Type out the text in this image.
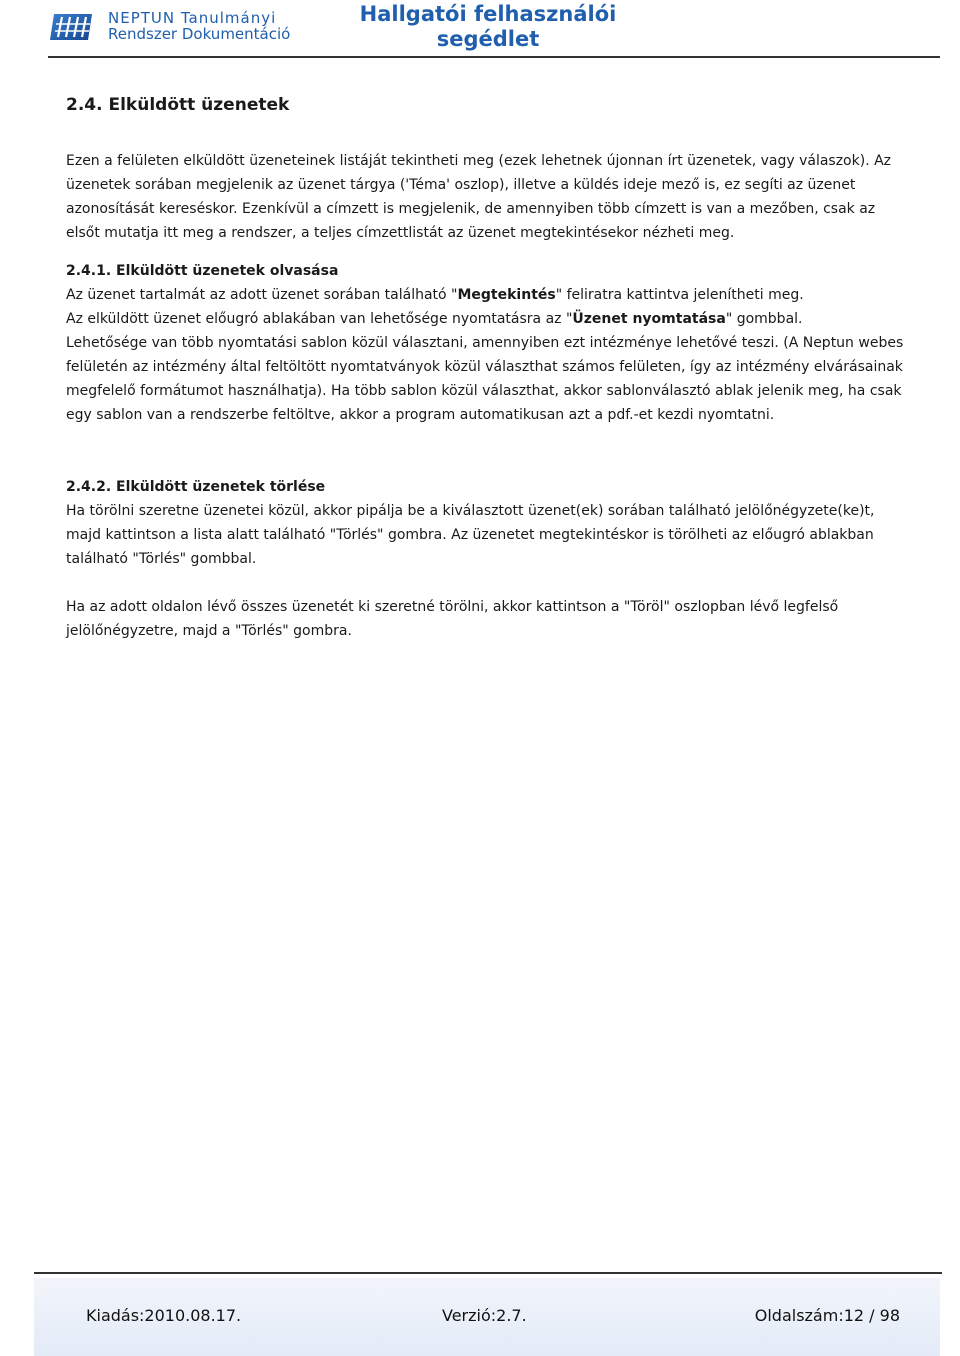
NEPTUN Tanulmányi
Rendszer Dokumentáció
Hallgatói felhasználói segédlet
2.4. Elküldött üzenetek

Ezen a felületen elküldött üzeneteinek listáját tekintheti meg (ezek lehetnek újonnan írt üzenetek, vagy válaszok). Az üzenetek sorában megjelenik az üzenet tárgya ('Téma' oszlop), illetve a küldés ideje mező is, ez segíti az üzenet azonosítását kereséskor. Ezenkívül a címzett is megjelenik, de amennyiben több címzett is van a mezőben, csak az elsőt mutatja itt meg a rendszer, a teljes címzettlistát az üzenet megtekintésekor nézheti meg.

2.4.1. Elküldött üzenetek olvasása

Az üzenet tartalmát az adott üzenet sorában található "Megtekintés" feliratra kattintva jelenítheti meg.

Az elküldött üzenet előugró ablakában van lehetősége nyomtatásra az "Üzenet nyomtatása" gombbal.

Lehetősége van több nyomtatási sablon közül választani, amennyiben ezt intézménye lehetővé teszi. (A Neptun webes felületén az intézmény által feltöltött nyomtatványok közül választhat számos felületen, így az intézmény elvárásainak megfelelő formátumot használhatja). Ha több sablon közül választhat, akkor sablonválasztó ablak jelenik meg, ha csak egy sablon van a rendszerbe feltöltve, akkor a program automatikusan azt a pdf.-et kezdi nyomtatni.

2.4.2. Elküldött üzenetek törlése

Ha törölni szeretne üzenetei közül, akkor pipálja be a kiválasztott üzenet(ek) sorában található jelölőnégyzete(ke)t, majd kattintson a lista alatt található "Törlés" gombra. Az üzenetet megtekintéskor is törölheti az előugró ablakban található "Törlés" gombbal.

Ha az adott oldalon lévő összes üzenetét ki szeretné törölni, akkor kattintson a "Töröl" oszlopban lévő legfelső jelölőnégyzetre, majd a "Törlés" gombra.

Kiadás:2010.08.17.	Verzió:2.7.	Oldalszám:12 / 98
